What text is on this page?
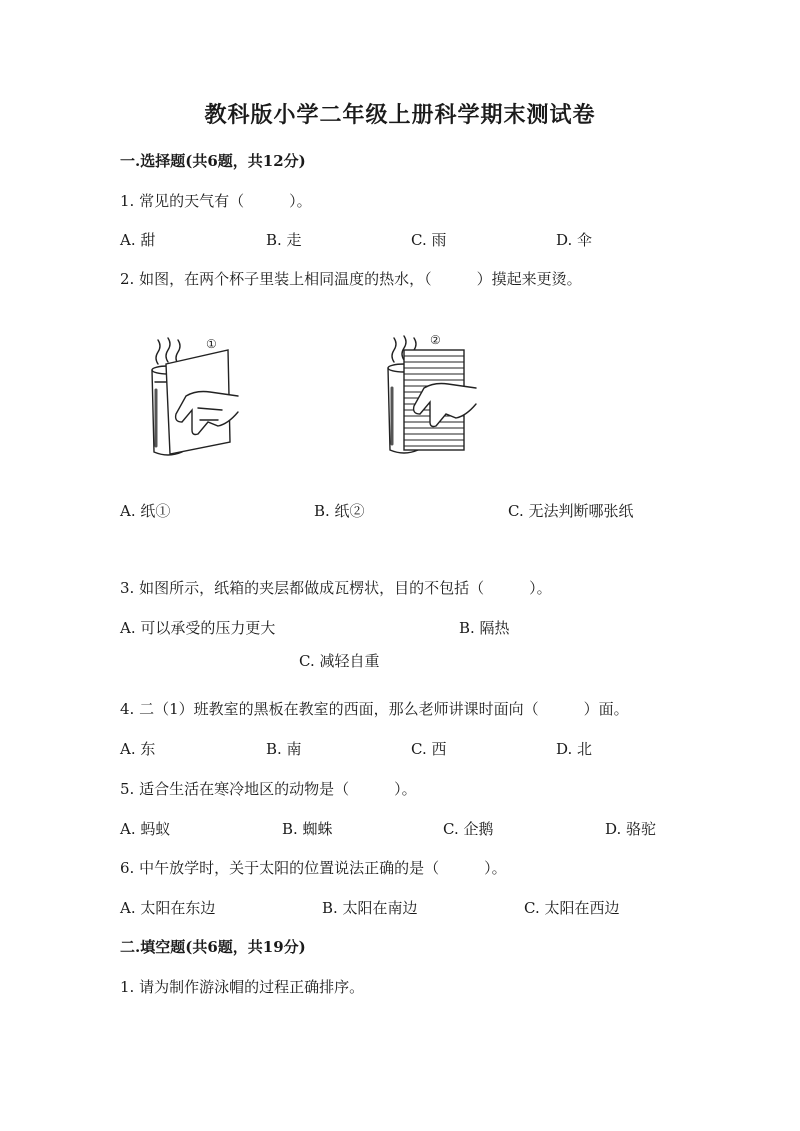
教科版小学二年级上册科学期末测试卷
一.选择题(共6题，共12分)
1. 常见的天气有（　　　）。
A. 甜	B. 走	C. 雨	D. 伞
2. 如图，在两个杯子里装上相同温度的热水，（　　　）摸起来更烫。
①	②
A. 纸①	B. 纸②	C. 无法判断哪张纸
3. 如图所示，纸箱的夹层都做成瓦楞状，目的不包括（　　　）。
A. 可以承受的压力更大	B. 隔热
C. 减轻自重
4. 二（1）班教室的黑板在教室的西面，那么老师讲课时面向（　　　）面。
A. 东	B. 南	C. 西	D. 北
5. 适合生活在寒冷地区的动物是（　　　）。
A. 蚂蚁	B. 蜘蛛	C. 企鹅	D. 骆驼
6. 中午放学时，关于太阳的位置说法正确的是（　　　）。
A. 太阳在东边	B. 太阳在南边	C. 太阳在西边
二.填空题(共6题，共19分)
1. 请为制作游泳帽的过程正确排序。
